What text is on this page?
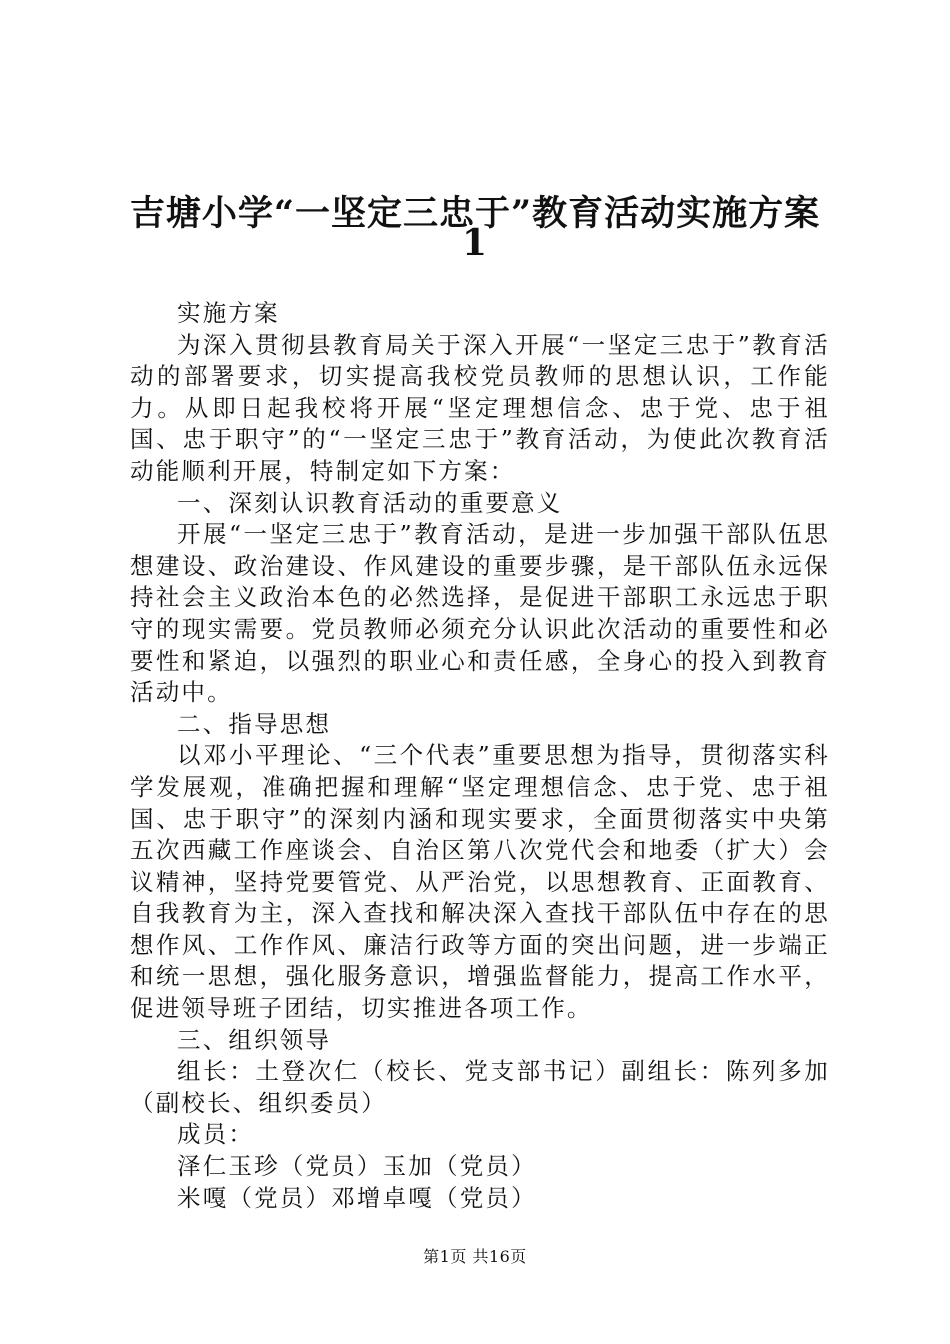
吉塘小学“一坚定三忠于”教育活动实施方案
1

实施方案

为深入贯彻县教育局关于深入开展“一坚定三忠于”教育活动的部署要求，切实提高我校党员教师的思想认识，工作能力。从即日起我校将开展“坚定理想信念、忠于党、忠于祖国、忠于职守”的“一坚定三忠于”教育活动，为使此次教育活动能顺利开展，特制定如下方案：

一、深刻认识教育活动的重要意义

开展“一坚定三忠于”教育活动，是进一步加强干部队伍思想建设、政治建设、作风建设的重要步骤，是干部队伍永远保持社会主义政治本色的必然选择，是促进干部职工永远忠于职守的现实需要。党员教师必须充分认识此次活动的重要性和必要性和紧迫，以强烈的职业心和责任感，全身心的投入到教育活动中。

二、指导思想

以邓小平理论、“三个代表”重要思想为指导，贯彻落实科学发展观，准确把握和理解“坚定理想信念、忠于党、忠于祖国、忠于职守”的深刻内涵和现实要求，全面贯彻落实中央第五次西藏工作座谈会、自治区第八次党代会和地委（扩大）会议精神，坚持党要管党、从严治党，以思想教育、正面教育、自我教育为主，深入查找和解决深入查找干部队伍中存在的思想作风、工作作风、廉洁行政等方面的突出问题，进一步端正和统一思想，强化服务意识，增强监督能力，提高工作水平，促进领导班子团结，切实推进各项工作。

三、组织领导

组长：土登次仁（校长、党支部书记）副组长：陈列多加（副校长、组织委员）

成员：

泽仁玉珍（党员）玉加（党员）

米嘎（党员）邓增卓嘎（党员）

第1页 共16页
